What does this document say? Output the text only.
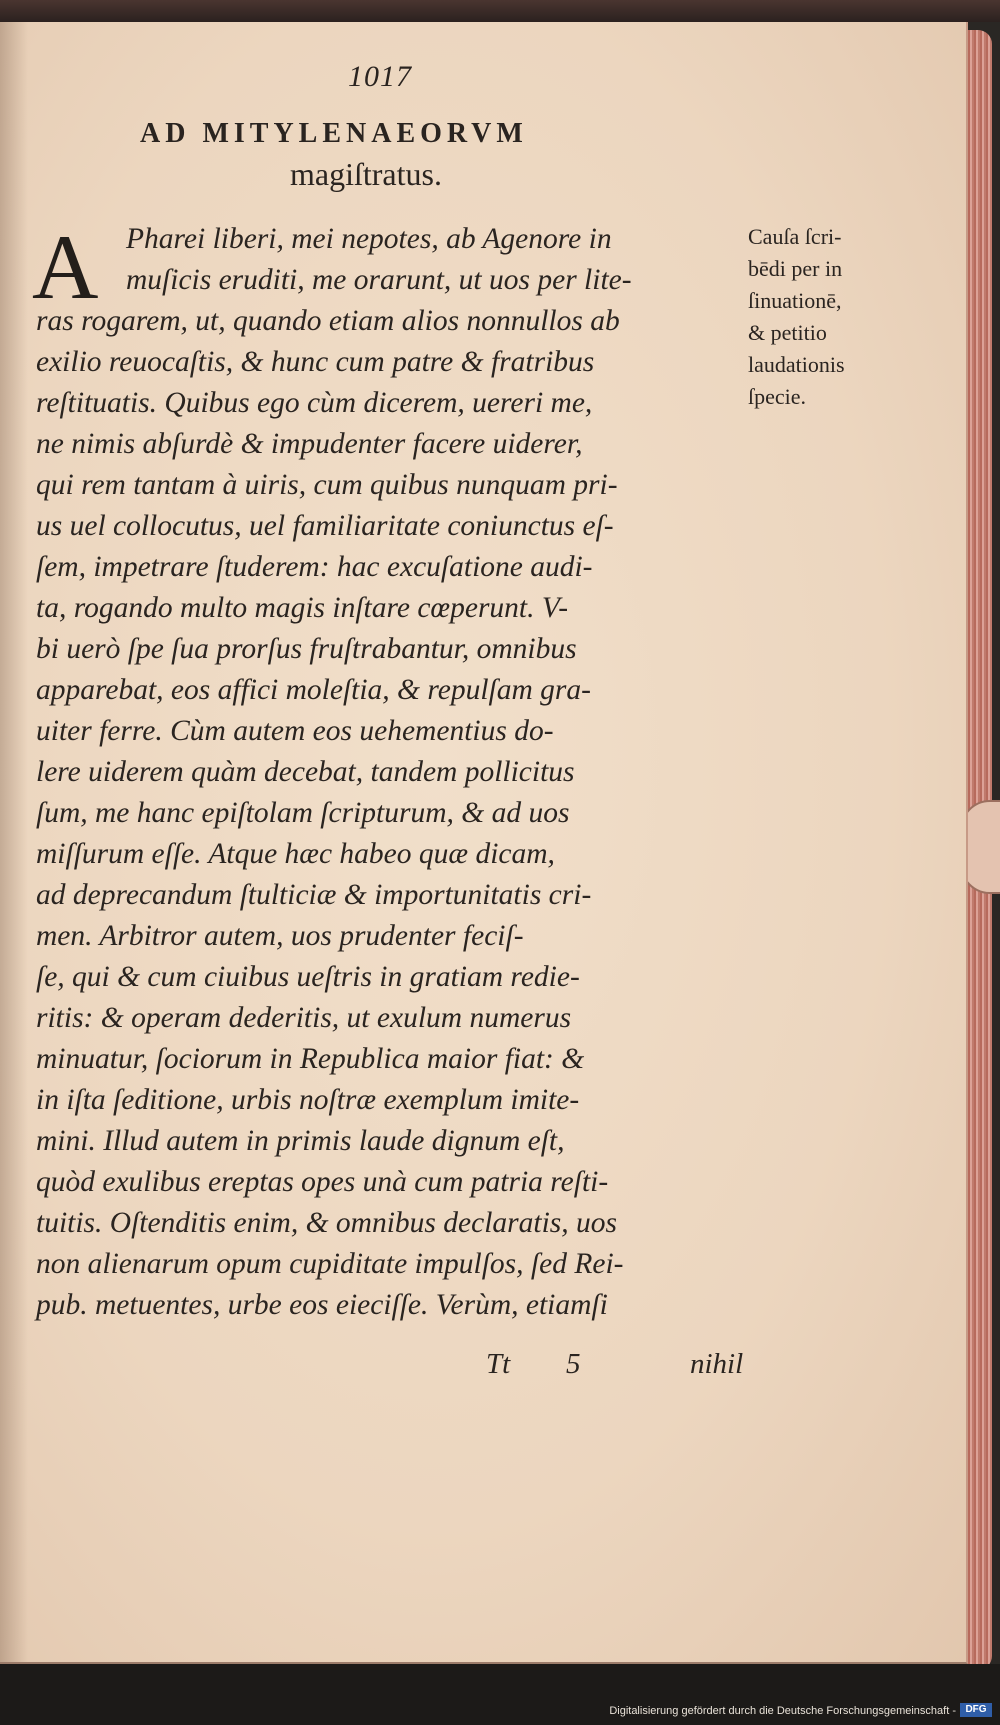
1017
AD MITYLENAEORVM
magiſtratus.
A Pharei liberi, mei nepotes, ab Agenore in
muſicis eruditi, me orarunt, ut uos per lite-
ras rogarem, ut, quando etiam alios nonnullos ab
exilio reuocaſtis, & hunc cum patre & fratribus
reſtituatis. Quibus ego cùm dicerem, uereri me,
ne nimis abſurdè & impudenter facere uiderer,
qui rem tantam à uiris, cum quibus nunquam pri-
us uel collocutus, uel familiaritate coniunctus eſ-
ſem, impetrare ſtuderem: hac excuſatione audi-
ta, rogando multo magis inſtare cœperunt. V-
bi uerò ſpe ſua prorſus fruſtrabantur, omnibus
apparebat, eos affici moleſtia, & repulſam gra-
uiter ferre. Cùm autem eos uehementius do-
lere uiderem quàm decebat, tandem pollicitus
ſum, me hanc epiſtolam ſcripturum, & ad uos
miſſurum eſſe. Atque hæc habeo quæ dicam,
ad deprecandum ſtulticiæ & importunitatis cri-
men. Arbitror autem, uos prudenter feciſ-
ſe, qui & cum ciuibus ueſtris in gratiam redie-
ritis: & operam dederitis, ut exulum numerus
minuatur, ſociorum in Republica maior fiat: &
in iſta ſeditione, urbis noſtræ exemplum imite-
mini. Illud autem in primis laude dignum eſt,
quòd exulibus ereptas opes unà cum patria reſti-
tuitis. Oſtenditis enim, & omnibus declaratis, uos
non alienarum opum cupiditate impulſos, ſed Rei-
pub. metuentes, urbe eos eieciſſe. Verùm, etiamſi
Cauſa ſcri-
bēdi per in
ſinuationē,
& petitio
laudationis
ſpecie.
Tt 5	nihil
Digitalisierung gefördert durch die Deutsche Forschungsgemeinschaft - DFG
